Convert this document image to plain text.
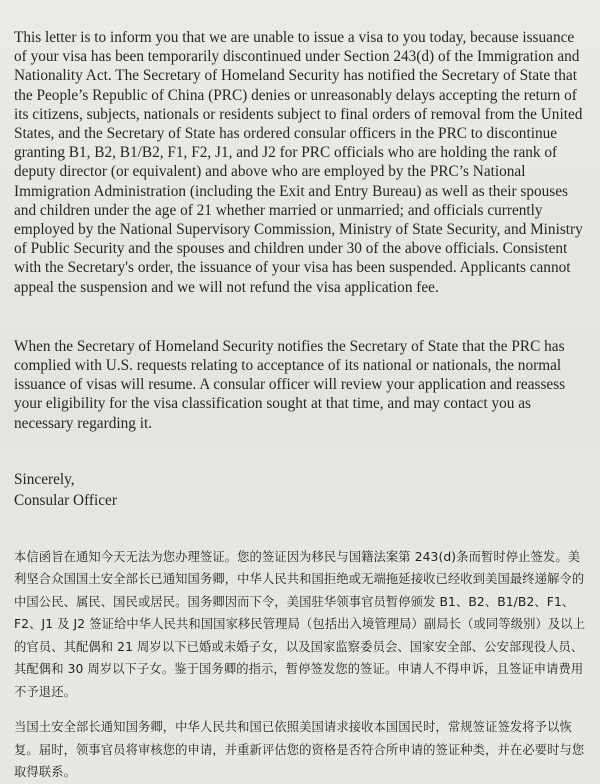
This letter is to inform you that we are unable to issue a visa to you today, because issuance of your visa has been temporarily discontinued under Section 243(d) of the Immigration and Nationality Act. The Secretary of Homeland Security has notified the Secretary of State that the People’s Republic of China (PRC) denies or unreasonably delays accepting the return of its citizens, subjects, nationals or residents subject to final orders of removal from the United States, and the Secretary of State has ordered consular officers in the PRC to discontinue granting B1, B2, B1/B2, F1, F2, J1, and J2 for PRC officials who are holding the rank of deputy director (or equivalent) and above who are employed by the PRC’s National Immigration Administration (including the Exit and Entry Bureau) as well as their spouses and children under the age of 21 whether married or unmarried; and officials currently employed by the National Supervisory Commission, Ministry of State Security, and Ministry of Public Security and the spouses and children under 30 of the above officials. Consistent with the Secretary's order, the issuance of your visa has been suspended. Applicants cannot appeal the suspension and we will not refund the visa application fee.

When the Secretary of Homeland Security notifies the Secretary of State that the PRC has complied with U.S. requests relating to acceptance of its national or nationals, the normal issuance of visas will resume. A consular officer will review your application and reassess your eligibility for the visa classification sought at that time, and may contact you as necessary regarding it.

Sincerely,
Consular Officer

本信函旨在通知今天无法为您办理签证。您的签证因为移民与国籍法案第 243(d)条而暂时停止签发。美利坚合众国国土安全部长已通知国务卿，中华人民共和国拒绝或无端拖延接收已经收到美国最终递解令的中国公民、属民、国民或居民。国务卿因而下令，美国驻华领事官员暂停颁发 B1、B2、B1/B2、F1、F2、J1 及 J2 签证给中华人民共和国国家移民管理局（包括出入境管理局）副局长（或同等级别）及以上的官员、其配偶和 21 周岁以下已婚或未婚子女，以及国家监察委员会、国家安全部、公安部现役人员、其配偶和 30 周岁以下子女。鉴于国务卿的指示，暂停签发您的签证。申请人不得申诉，且签证申请费用不予退还。

当国土安全部长通知国务卿，中华人民共和国已依照美国请求接收本国国民时，常规签证签发将予以恢复。届时，领事官员将审核您的申请，并重新评估您的资格是否符合所申请的签证种类，并在必要时与您取得联系。
